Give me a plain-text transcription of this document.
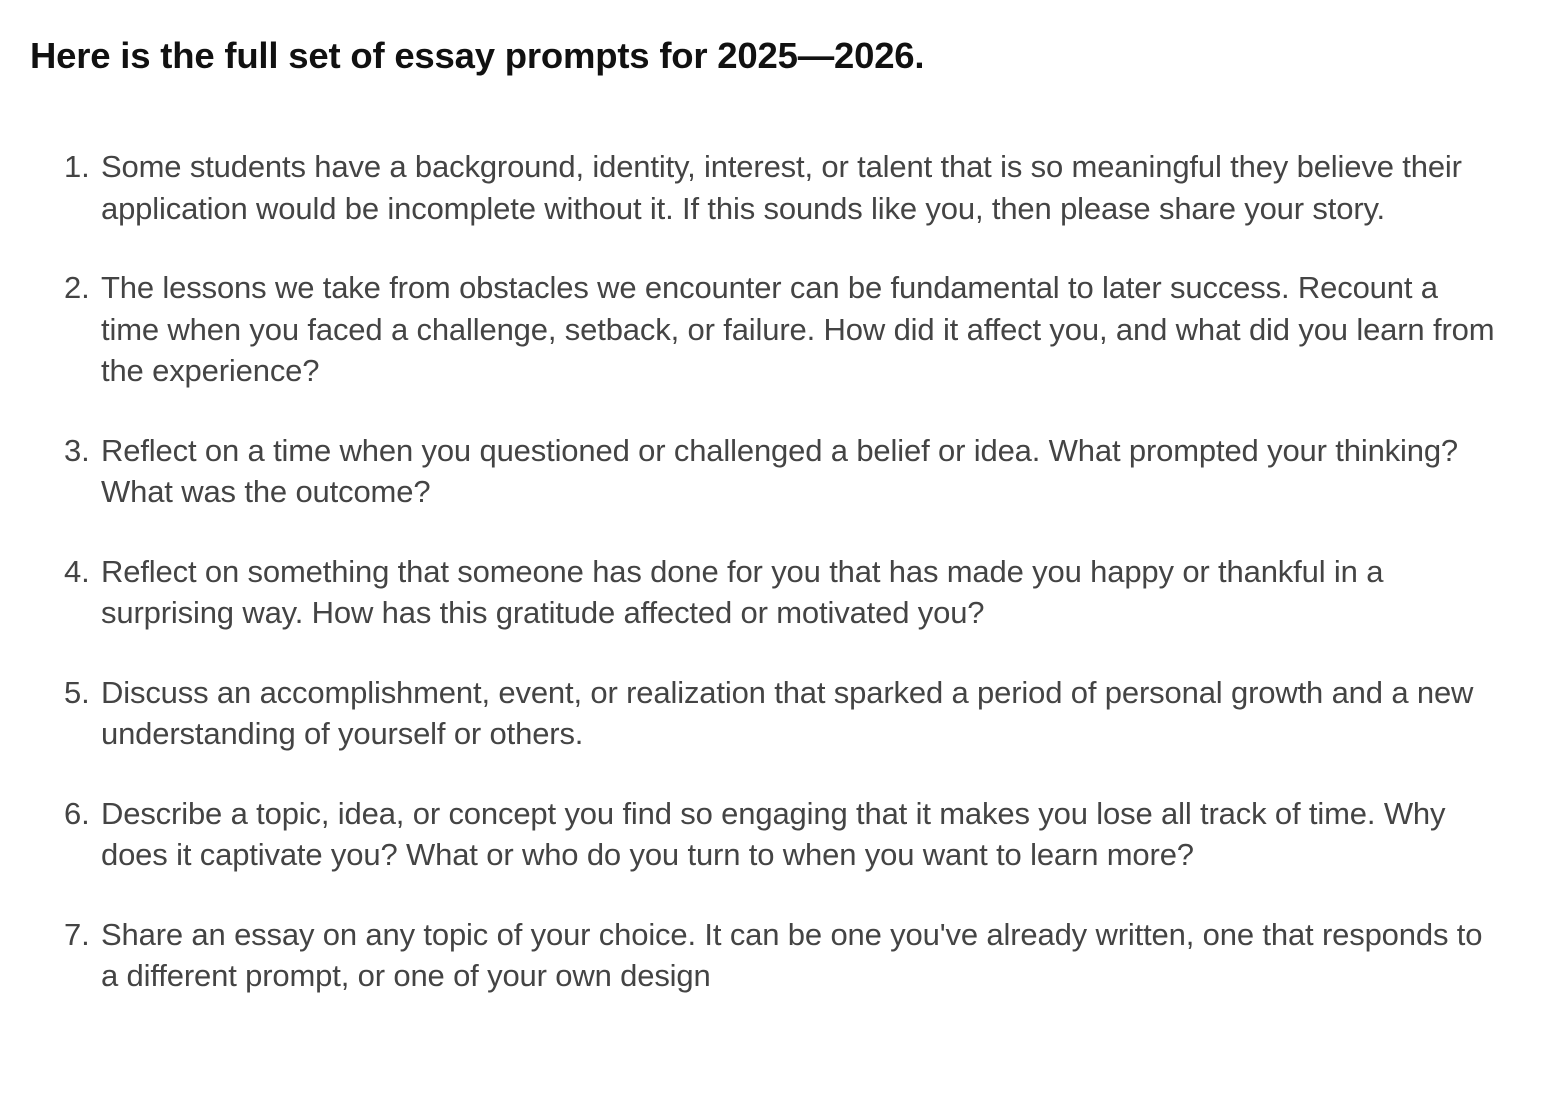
Here is the full set of essay prompts for 2025—2026.
1. Some students have a background, identity, interest, or talent that is so meaningful they believe their application would be incomplete without it. If this sounds like you, then please share your story.
2. The lessons we take from obstacles we encounter can be fundamental to later success. Recount a time when you faced a challenge, setback, or failure. How did it affect you, and what did you learn from the experience?
3. Reflect on a time when you questioned or challenged a belief or idea. What prompted your thinking? What was the outcome?
4. Reflect on something that someone has done for you that has made you happy or thankful in a surprising way. How has this gratitude affected or motivated you?
5. Discuss an accomplishment, event, or realization that sparked a period of personal growth and a new understanding of yourself or others.
6. Describe a topic, idea, or concept you find so engaging that it makes you lose all track of time. Why does it captivate you? What or who do you turn to when you want to learn more?
7. Share an essay on any topic of your choice. It can be one you've already written, one that responds to a different prompt, or one of your own design
